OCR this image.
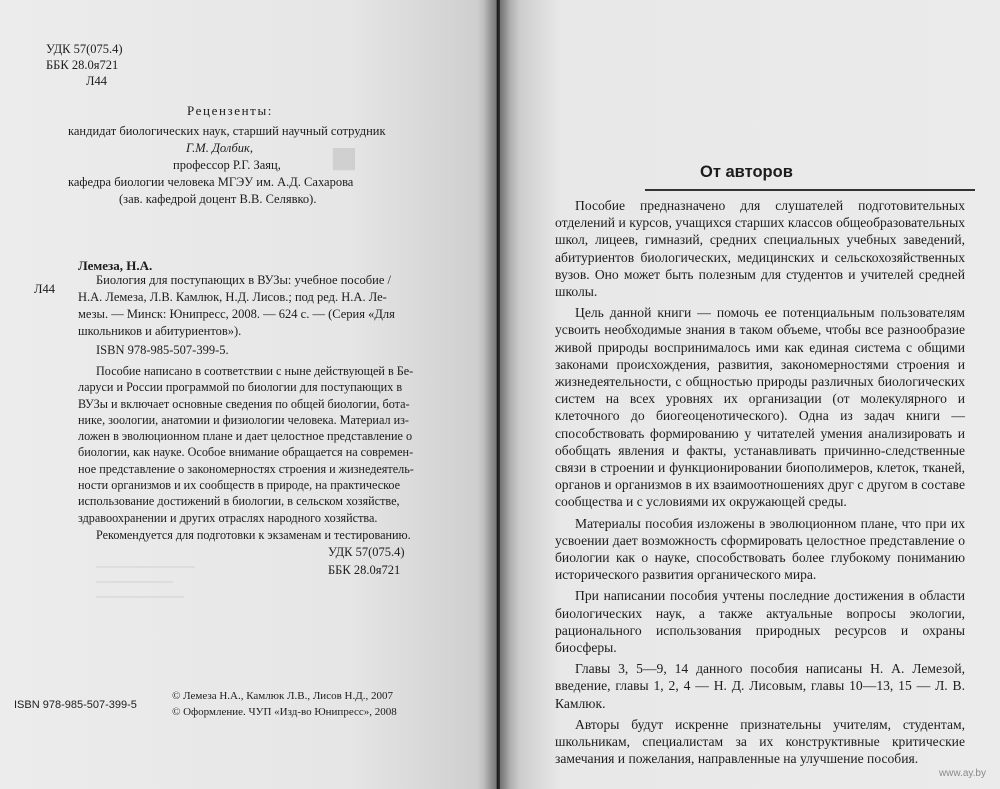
■
УДК 57(075.4)
ББК 28.0я721
Л44
Рецензенты:
кандидат биологических наук, старший научный сотрудник
Г.М. Долбик,
профессор Р.Г. Заяц,
кафедра биологии человека МГЭУ им. А.Д. Сахарова
(зав. кафедрой доцент В.В. Селявко).
Лемеза, Н.А.
Л44
Биология для поступающих в ВУЗы: учебное пособие /
Н.А. Лемеза, Л.В. Камлюк, Н.Д. Лисов.; под ред. Н.А. Ле-
мезы. — Минск: Юнипресс, 2008. — 624 с. — (Серия «Для
школьников и абитуриентов»).
ISBN 978-985-507-399-5.

Пособие написано в соответствии с ныне действующей в Бе-

ларуси и России программой по биологии для поступающих в

ВУЗы и включает основные сведения по общей биологии, бота-

нике, зоологии, анатомии и физиологии человека. Материал из-

ложен в эволюционном плане и дает целостное представление о

биологии, как науке. Особое внимание обращается на современ-

ное представление о закономерностях строения и жизнедеятель-

ности организмов и их сообществ в природе, на практическое

использование достижений в биологии, в сельском хозяйстве,

здравоохранении и других отраслях народного хозяйства.

Рекомендуется для подготовки к экзаменам и тестированию.
—————————
———————
————————
УДК 57(075.4)
ББК 28.0я721
ISBN 978-985-507-399-5
© Лемеза Н.А., Камлюк Л.В., Лисов Н.Д., 2007
© Оформление. ЧУП «Изд-во Юнипресс», 2008
От авторов

Пособие предназначено для слушателей подготовительных отделений и курсов, учащихся старших классов общеобразовательных школ, лицеев, гимназий, средних специальных учебных заведений, абитуриентов биологических, медицинских и сельскохозяйственных вузов. Оно может быть полезным для студентов и учителей средней школы.

Цель данной книги — помочь ее потенциальным пользователям усвоить необходимые знания в таком объеме, чтобы все разнообразие живой природы воспринималось ими как единая система с общими законами происхождения, развития, закономерностями строения и жизнедеятельности, с общностью природы различных биологических систем на всех уровнях их организации (от молекулярного и клеточного до биогеоценотического). Одна из задач книги — способствовать формированию у читателей умения анализировать и обобщать явления и факты, устанавливать причинно-следственные связи в строении и функционировании биополимеров, клеток, тканей, органов и организмов в их взаимоотношениях друг с другом в составе сообщества и с условиями их окружающей среды.

Материалы пособия изложены в эволюционном плане, что при их усвоении дает возможность сформировать целостное представление о биологии как о науке, способствовать более глубокому пониманию исторического развития органического мира.

При написании пособия учтены последние достижения в области биологических наук, а также актуальные вопросы экологии, рационального использования природных ресурсов и охраны биосферы.

Главы 3, 5—9, 14 данного пособия написаны Н. А. Лемезой, введение, главы 1, 2, 4 — Н. Д. Лисовым, главы 10—13, 15 — Л. В. Камлюк.

Авторы будут искренне признательны учителям, студентам, школьникам, специалистам за их конструктивные критические замечания и пожелания, направленные на улучшение пособия.

www.ay.by
